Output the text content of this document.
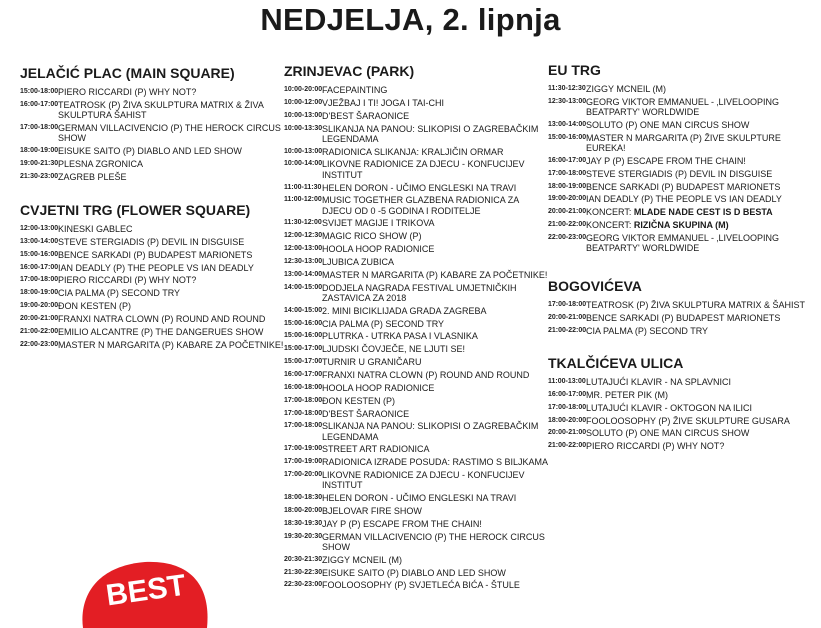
NEDJELJA, 2. lipnja
JELAČIĆ PLAC (MAIN SQUARE)
15:00-18:00 PIERO RICCARDI (P) WHY NOT?
16:00-17:00 TEATROSK (P) ŽIVA SKULPTURA MATRIX & ŽIVA
SKULPTURA ŠAHIST
17:00-18:00 GERMAN VILLACIVENCIO (P) THE HEROCK CIRCUS
SHOW
18:00-19:00 EISUKE SAITO (P) DIABLO AND LED SHOW
19:00-21:30 PLESNA ZGRONICA
21:30-23:00 ZAGREB PLEŠE
CVJETNI TRG (FLOWER SQUARE)
12:00-13:00 KINESKI GABLEC
13:00-14:00 STEVE STERGIADIS (P) DEVIL IN DISGUISE
15:00-16:00 BENCE SARKADI (P) BUDAPEST MARIONETS
16:00-17:00 IAN DEADLY (P) THE PEOPLE VS IAN DEADLY
17:00-18:00 PIERO RICCARDI (P) WHY NOT?
18:00-19:00 CIA PALMA (P) SECOND TRY
19:00-20:00 ĐON KESTEN (P)
20:00-21:00 FRANXI NATRA CLOWN (P) ROUND AND ROUND
21:00-22:00 EMILIO ALCANTRE (P) THE DANGERUES SHOW
22:00-23:00 MASTER N MARGARITA (P) KABARE ZA POČETNIKE!
ZRINJEVAC (PARK)
10:00-20:00 FACEPAINTING
10:00-12:00 VJEŽBAJ I TI! JOGA I TAI-CHI
10:00-13:00 D'BEST ŠARAONICE
10:00-13:30 SLIKANJA NA PANOU: SLIKOPISI O ZAGREBAČKIM
LEGENDAMA
10:00-13:00 RADIONICA SLIKANJA: KRALJIČIN ORMAR
10:00-14:00 LIKOVNE RADIONICE ZA DJECU - KONFUCIJEV
INSTITUT
11:00-11:30 HELEN DORON - UČIMO ENGLESKI NA TRAVI
11:00-12:00 MUSIC TOGETHER GLAZBENA RADIONICA ZA
DJECU OD 0 -5 GODINA I RODITELJE
11:30-12:00 SVIJET MAGIJE I TRIKOVA
12:00-12:30 MAGIC RICO SHOW (P)
12:00-13:00 HOOLA HOOP RADIONICE
12:30-13:00 LJUBICA ZUBICA
13:00-14:00 MASTER N MARGARITA (P) KABARE ZA POČETNIKE!
14:00-15:00 DODJELA NAGRADA FESTIVAL UMJETNIČKIH
ZASTAVICA ZA 2018
14:00-15:00 2. MINI BICIKLIJADA GRADA ZAGREBA
15:00-16:00 CIA PALMA (P) SECOND TRY
15:00-16:00 PLUTRKA - UTRKA PASA I VLASNIKA
15:00-17:00 LJUDSKI ČOVJEČE, NE LJUTI SE!
15:00-17:00 TURNIR U GRANIČARU
16:00-17:00 FRANXI NATRA CLOWN (P) ROUND AND ROUND
16:00-18:00 HOOLA HOOP RADIONICE
17:00-18:00 ĐON KESTEN (P)
17:00-18:00 D'BEST ŠARAONICE
17:00-18:00 SLIKANJA NA PANOU: SLIKOPISI O ZAGREBAČKIM
LEGENDAMA
17:00-19:00 STREET ART RADIONICA
17:00-19:00 RADIONICA IZRADE POSUDA: RASTIMO S BILJKAMA
17:00-20:00 LIKOVNE RADIONICE ZA DJECU - KONFUCIJEV
INSTITUT
18:00-18:30 HELEN DORON - UČIMO ENGLESKI NA TRAVI
18:00-20:00 BJELOVAR FIRE SHOW
18:30-19:30 JAY P (P) ESCAPE FROM THE CHAIN!
19:30-20:30 GERMAN VILLACIVENCIO (P) THE HEROCK CIRCUS
SHOW
20:30-21:30 ZIGGY MCNEIL (M)
21:30-22:30 EISUKE SAITO (P) DIABLO AND LED SHOW
22:30-23:00 FOOLOOSOPHY (P) SVJETLEĆA BIĆA - ŠTULE
EU TRG
11:30-12:30 ZIGGY MCNEIL (M)
12:30-13:00 GEORG VIKTOR EMMANUEL - ‚LIVELOOPING
BEATPARTY' WORLDWIDE
13:00-14:00 SOLUTO (P) ONE MAN CIRCUS SHOW
15:00-16:00 MASTER N MARGARITA (P) ŽIVE SKULPTURE
EUREKA!
16:00-17:00 JAY P (P) ESCAPE FROM THE CHAIN!
17:00-18:00 STEVE STERGIADIS (P) DEVIL IN DISGUISE
18:00-19:00 BENCE SARKADI (P) BUDAPEST MARIONETS
19:00-20:00 IAN DEADLY (P) THE PEOPLE VS IAN DEADLY
20:00-21:00 KONCERT: MLADE NADE CEST IS D BESTA
21:00-22:00 KONCERT: RIZIČNA SKUPINA (M)
22:00-23:00 GEORG VIKTOR EMMANUEL - ‚LIVELOOPING
BEATPARTY' WORLDWIDE
BOGOVIĆEVA
17:00-18:00 TEATROSK (P) ŽIVA SKULPTURA MATRIX & ŠAHIST
20:00-21:00 BENCE SARKADI (P) BUDAPEST MARIONETS
21:00-22:00 CIA PALMA (P) SECOND TRY
TKALČIĆEVA ULICA
11:00-13:00 LUTAJUĆI KLAVIR - NA SPLAVNICI
16:00-17:00 MR. PETER PIK (M)
17:00-18:00 LUTAJUĆI KLAVIR - OKTOGON NA ILICI
18:00-20:00 FOOLOOSOPHY (P) ŽIVE SKULPTURE GUSARA
20:00-21:00 SOLUTO (P) ONE MAN CIRCUS SHOW
21:00-22:00 PIERO RICCARDI (P) WHY NOT?
BEST
